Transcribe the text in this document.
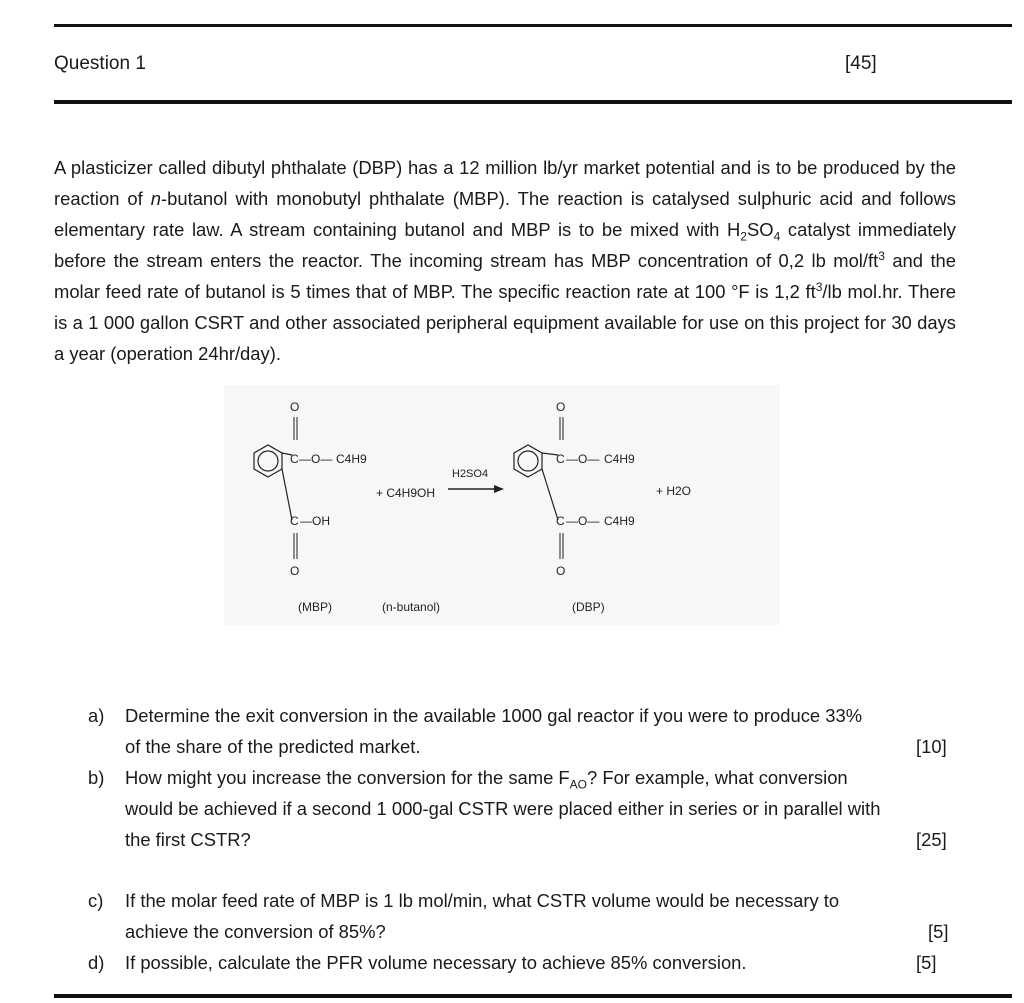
Question 1	[45]

A plasticizer called dibutyl phthalate (DBP) has a 12 million lb/yr market potential and is to be produced by the reaction of n-butanol with monobutyl phthalate (MBP). The reaction is catalysed sulphuric acid and follows elementary rate law. A stream containing butanol and MBP is to be mixed with $H_2SO_4$ catalyst immediately before the stream enters the reactor. The incoming stream has MBP concentration of 0,2 lb mol/$ft^3$ and the molar feed rate of butanol is 5 times that of MBP. The specific reaction rate at 100 °F is 1,2 $ft^3/lb$ mol.hr. There is a 1 000 gallon CSRT and other associated peripheral equipment available for use on this project for 30 days a year (operation 24hr/day).

C
O
—O— C4H9
C —OH
O
+ C4H9OH
H2SO4
C
O
—O— C4H9
C —O— C4H9
O
+ H2O
(MBP)	(n-butanol)	(DBP)
a) Determine the exit conversion in the available 1000 gal reactor if you were to produce 33%
of the share of the predicted market.	[10]
b) How might you increase the conversion for the same $F_{AO}$? For example, what conversion
would be achieved if a second 1 000-gal CSTR were placed either in series or in parallel with
the first CSTR?	[25]
c) If the molar feed rate of MBP is 1 lb mol/min, what CSTR volume would be necessary to
achieve the conversion of 85%?	[5]
d) If possible, calculate the PFR volume necessary to achieve 85% conversion.	[5]
